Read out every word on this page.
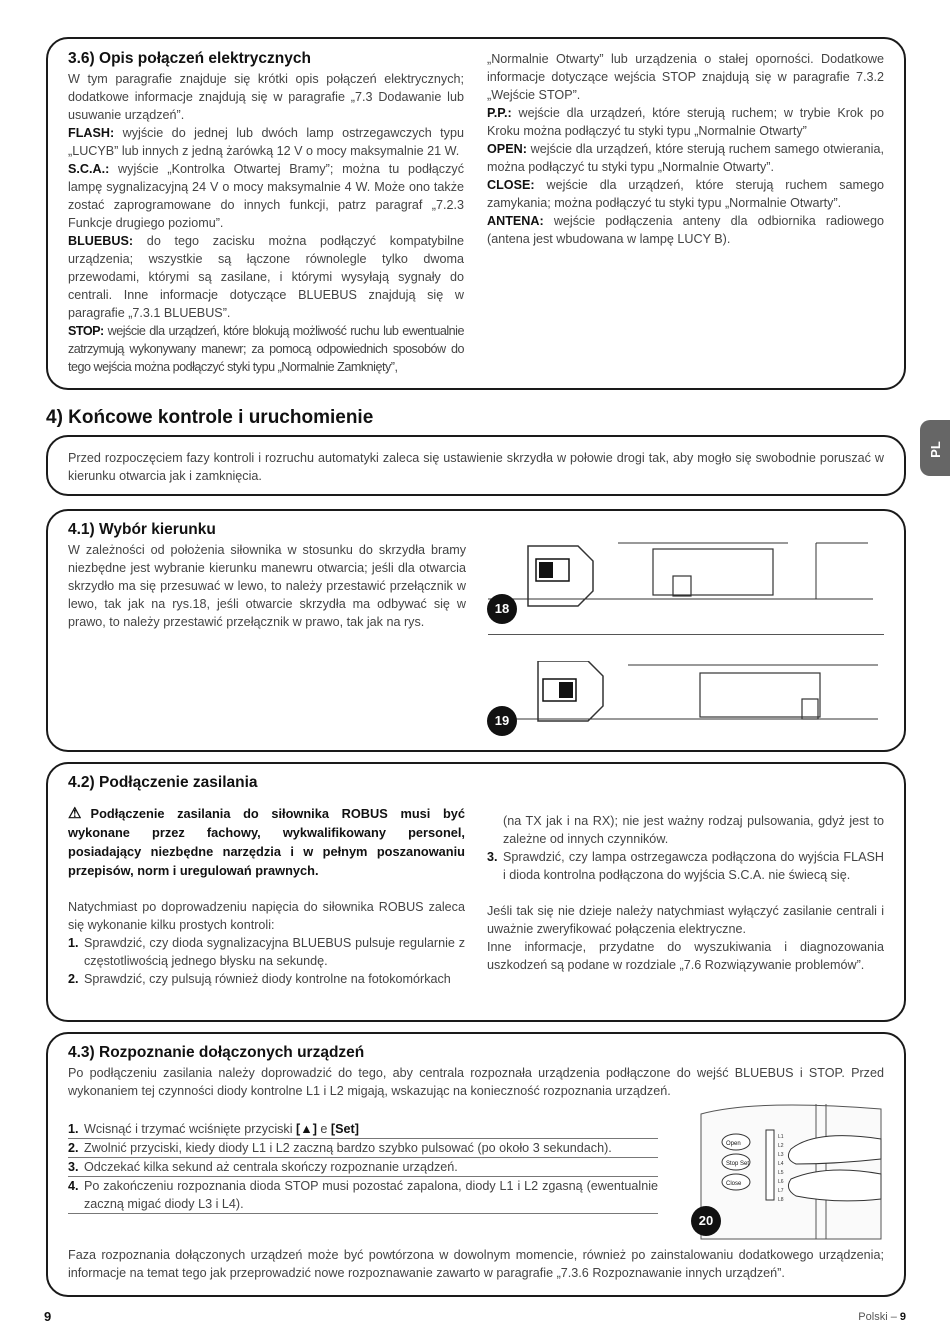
PL
3.6) Opis połączeń elektrycznych

W tym paragrafie znajduje się krótki opis połączeń elektrycznych; dodatkowe informacje znajdują się w paragrafie „7.3 Dodawanie lub usuwanie urządzeń”.

FLASH: wyjście do jednej lub dwóch lamp ostrzegawczych typu „LUCYB” lub innych z jedną żarówką 12 V o mocy maksymalnie 21 W.

S.C.A.: wyjście „Kontrolka Otwartej Bramy”; można tu podłączyć lampę sygnalizacyjną 24 V o mocy maksymalnie 4 W. Może ono także zostać zaprogramowane do innych funkcji, patrz paragraf „7.2.3 Funkcje drugiego poziomu”.

BLUEBUS: do tego zacisku można podłączyć kompatybilne urządzenia; wszystkie są łączone równolegle tylko dwoma przewodami, którymi są zasilane, i którymi wysyłają sygnały do centrali. Inne informacje dotyczące BLUEBUS znajdują się w paragrafie „7.3.1 BLUEBUS”.

STOP: wejście dla urządzeń, które blokują możliwość ruchu lub ewentualnie zatrzymują wykonywany manewr; za pomocą odpowiednich sposobów do tego wejścia można podłączyć styki typu „Normalnie Zamknięty”,

„Normalnie Otwarty” lub urządzenia o stałej oporności. Dodatkowe informacje dotyczące wejścia STOP znajdują się w paragrafie 7.3.2 „Wejście STOP”.

P.P.: wejście dla urządzeń, które sterują ruchem; w trybie Krok po Kroku można podłączyć tu styki typu „Normalnie Otwarty”

OPEN: wejście dla urządzeń, które sterują ruchem samego otwierania, można podłączyć tu styki typu „Normalnie Otwarty”.

CLOSE: wejście dla urządzeń, które sterują ruchem samego zamykania; można podłączyć tu styki typu „Normalnie Otwarty”.

ANTENA: wejście podłączenia anteny dla odbiornika radiowego (antena jest wbudowana w lampę LUCY B).

4) Końcowe kontrole i uruchomienie

Przed rozpoczęciem fazy kontroli i rozruchu automatyki zaleca się ustawienie skrzydła w połowie drogi tak, aby mogło się swobodnie poruszać w kierunku otwarcia jak i zamknięcia.

4.1) Wybór kierunku

W zależności od położenia siłownika w stosunku do skrzydła bramy niezbędne jest wybranie kierunku manewru otwarcia; jeśli dla otwarcia skrzydło ma się przesuwać w lewo, to należy przestawić przełącznik w lewo, tak jak na rys.18, jeśli otwarcie skrzydła ma odbywać się w prawo, to należy przestawić przełącznik w prawo, tak jak na rys.

18
19
4.2) Podłączenie zasilania

⚠Podłączenie zasilania do siłownika ROBUS musi być wykonane przez fachowy, wykwalifikowany personel, posiadający niezbędne narzędzia i w pełnym poszanowaniu przepisów, norm i uregulowań prawnych.

Natychmiast po doprowadzeniu napięcia do siłownika ROBUS zaleca się wykonanie kilku prostych kontroli:

1. Sprawdzić, czy dioda sygnalizacyjna BLUEBUS pulsuje regularnie z częstotliwością jednego błysku na sekundę.
2. Sprawdzić, czy pulsują również diody kontrolne na fotokomórkach

(na TX jak i na RX); nie jest ważny rodzaj pulsowania, gdyż jest to zależne od innych czynników.

3. Sprawdzić, czy lampa ostrzegawcza podłączona do wyjścia FLASH i dioda kontrolna podłączona do wyjścia S.C.A. nie świecą się.

Jeśli tak się nie dzieje należy natychmiast wyłączyć zasilanie centrali i uważnie zweryfikować połączenia elektryczne.

Inne informacje, przydatne do wyszukiwania i diagnozowania uszkodzeń są podane w rozdziale „7.6 Rozwiązywanie problemów”.

4.3) Rozpoznanie dołączonych urządzeń

Po podłączeniu zasilania należy doprowadzić do tego, aby centrala rozpoznała urządzenia podłączone do wejść BLUEBUS i STOP. Przed wykonaniem tej czynności diody kontrolne L1 i L2 migają, wskazując na konieczność rozpoznania urządzeń.

1. Wcisnąć i trzymać wciśnięte przyciski [▲] e [Set]
2. Zwolnić przyciski, kiedy diody L1 i L2 zaczną bardzo szybko pulsować (po około 3 sekundach).
3. Odczekać kilka sekund aż centrala skończy rozpoznanie urządzeń.
4. Po zakończeniu rozpoznania dioda STOP musi pozostać zapalona, diody L1 i L2 zgasną (ewentualnie zaczną migać diody L3 i L4).
Open
Stop Set
Close
L1
L2
L3
L4
L5
L6
L7
L8
20

Faza rozpoznania dołączonych urządzeń może być powtórzona w dowolnym momencie, również po zainstalowaniu dodatkowego urządzenia; informacje na temat tego jak przeprowadzić nowe rozpoznawanie zawarto w paragrafie „7.3.6 Rozpoznawanie innych urządzeń”.

9	Polski – 9
